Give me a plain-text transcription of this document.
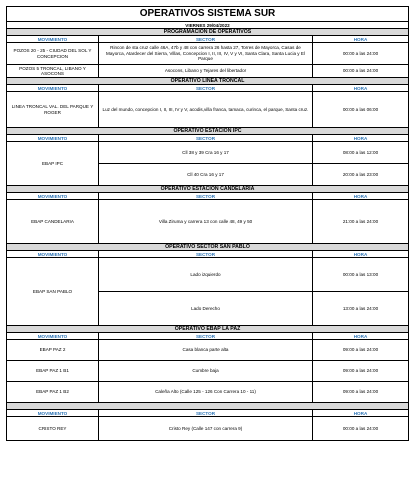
OPERATIVOS SISTEMA SUR		
VIERNES 29/04/2022		
PROGRAMACIÓN DE OPERATIVOS		
MOVIMIENTO	SECTOR	HORA
POZOS 20 - 25 - CIUDAD DEL SOL Y CONCEPCION	Rincon de sta cruz calle 46A, 47b y 48 con carrera 26 hasta 27, Torres de Mayorca, Casas de Mayorca, Atardecer del Sierra, Villas, Concepcion I, II, III, IV, V y VI, Santa Clara, Santa Lucia y El Parque	00:00 a las 24:00
POZOS 5 TRONCAL, LIBANO Y ASOCONS	Asocons, Libano y Tejares del libertador	00:00 a las 24:00
OPERATIVO LINEA TRONCAL		
MOVIMIENTO	SECTOR	HORA
LINEA TRONCAL VAL. DEL PARQUE Y ROGER	Luz del mundo, concepcion I, II, III, IV y V, acodis,villa franca, tamaca, curinca, el parque, Santa cruz.	00:00 a las 06:00
OPERATIVO ESTACION IPC		
MOVIMIENTO	SECTOR	HORA
EBAP IPC	Cll 38 y 39 Cra 16 y 17	08:00 a las 12:00
	Cll 40 Cra 16 y 17	20:00 a las 23:00
OPERATIVO ESTACION CANDELARIA		
MOVIMIENTO	SECTOR	HORA
EBAP CANDELARIA	Villa Ziruma y carrera 13 con calle 48, 49 y 50	21:00 a las 24:00
OPERATIVO SECTOR SAN PABLO		
MOVIMIENTO	SECTOR	HORA
EBAP SAN PABLO	Lado izquierdo	00:00 a las 13:00
	Lado Derecho	13:00 a las 24:00
OPERATIVO EBAP LA PAZ		
MOVIMIENTO	SECTOR	HORA
EBAP PAZ 2	Casa blanca parte alta	09:00 a las 24:00
EBAP PAZ 1 B1	Cumbre baja	09:00 a las 24:00
EBAP PAZ 1 B2	Caleña Alto (Calle 125 - 126 Con Carrera 10 - 11)	09:00 a las 24:00

MOVIMIENTO	SECTOR	HORA
CRISTO REY	Cristo Rey (Calle 147 con carrera 9)	00:00 a las 24:00
